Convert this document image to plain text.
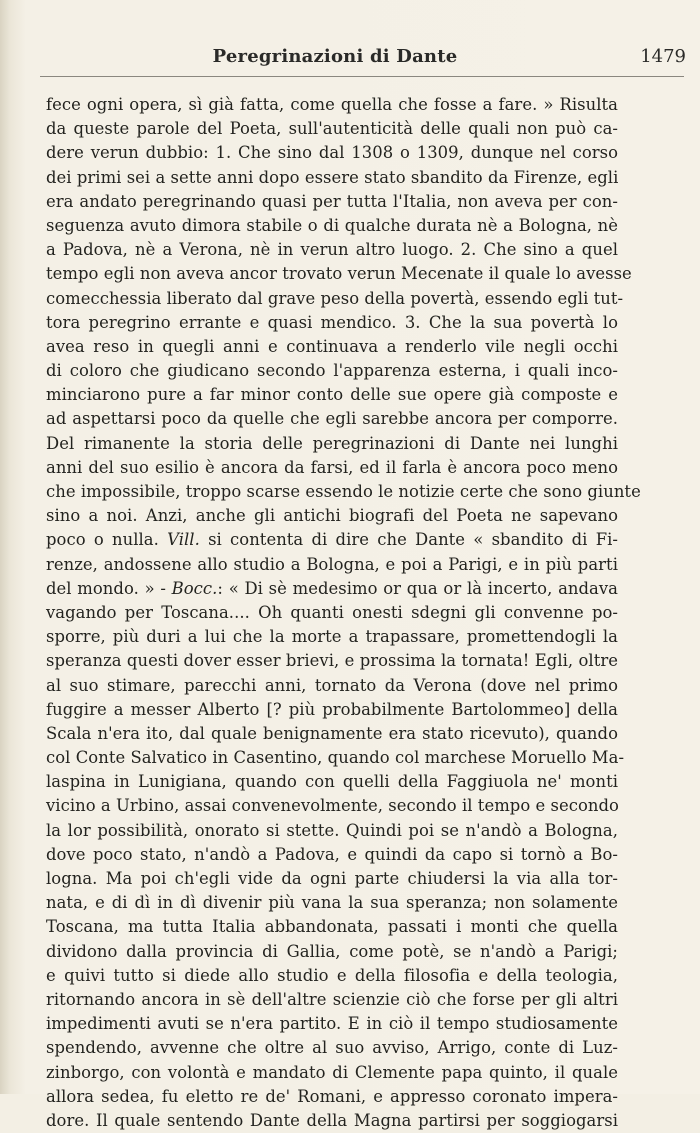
Peregrinazioni di Dante	1479
fece ogni opera, sì già fatta, come quella che fosse a fare. » Risulta
da queste parole del Poeta, sull'autenticità delle quali non può ca-
dere verun dubbio: 1. Che sino dal 1308 o 1309, dunque nel corso
dei primi sei a sette anni dopo essere stato sbandito da Firenze, egli
era andato peregrinando quasi per tutta l'Italia, non aveva per con-
seguenza avuto dimora stabile o di qualche durata nè a Bologna, nè
a Padova, nè a Verona, nè in verun altro luogo. 2. Che sino a quel
tempo egli non aveva ancor trovato verun Mecenate il quale lo avesse
comecchessia liberato dal grave peso della povertà, essendo egli tut-
tora peregrino errante e quasi mendico. 3. Che la sua povertà lo
avea reso in quegli anni e continuava a renderlo vile negli occhi
di coloro che giudicano secondo l'apparenza esterna, i quali inco-
minciarono pure a far minor conto delle sue opere già composte e
ad aspettarsi poco da quelle che egli sarebbe ancora per comporre.
Del rimanente la storia delle peregrinazioni di Dante nei lunghi
anni del suo esilio è ancora da farsi, ed il farla è ancora poco meno
che impossibile, troppo scarse essendo le notizie certe che sono giunte
sino a noi. Anzi, anche gli antichi biografi del Poeta ne sapevano
poco o nulla. Vill. si contenta di dire che Dante « sbandito di Fi-
renze, andossene allo studio a Bologna, e poi a Parigi, e in più parti
del mondo. » - Bocc.: « Di sè medesimo or qua or là incerto, andava
vagando per Toscana.... Oh quanti onesti sdegni gli convenne po-
sporre, più duri a lui che la morte a trapassare, promettendogli la
speranza questi dover esser brievi, e prossima la tornata! Egli, oltre
al suo stimare, parecchi anni, tornato da Verona (dove nel primo
fuggire a messer Alberto [? più probabilmente Bartolommeo] della
Scala n'era ito, dal quale benignamente era stato ricevuto), quando
col Conte Salvatico in Casentino, quando col marchese Moruello Ma-
laspina in Lunigiana, quando con quelli della Faggiuola ne' monti
vicino a Urbino, assai convenevolmente, secondo il tempo e secondo
la lor possibilità, onorato si stette. Quindi poi se n'andò a Bologna,
dove poco stato, n'andò a Padova, e quindi da capo si tornò a Bo-
logna. Ma poi ch'egli vide da ogni parte chiudersi la via alla tor-
nata, e di dì in dì divenir più vana la sua speranza; non solamente
Toscana, ma tutta Italia abbandonata, passati i monti che quella
dividono dalla provincia di Gallia, come potè, se n'andò a Parigi;
e quivi tutto si diede allo studio e della filosofia e della teologia,
ritornando ancora in sè dell'altre scienzie ciò che forse per gli altri
impedimenti avuti se n'era partito. E in ciò il tempo studiosamente
spendendo, avvenne che oltre al suo avviso, Arrigo, conte di Luz-
zinborgo, con volontà e mandato di Clemente papa quinto, il quale
allora sedea, fu eletto re de' Romani, e appresso coronato impera-
dore. Il quale sentendo Dante della Magna partirsi per soggiogarsi
